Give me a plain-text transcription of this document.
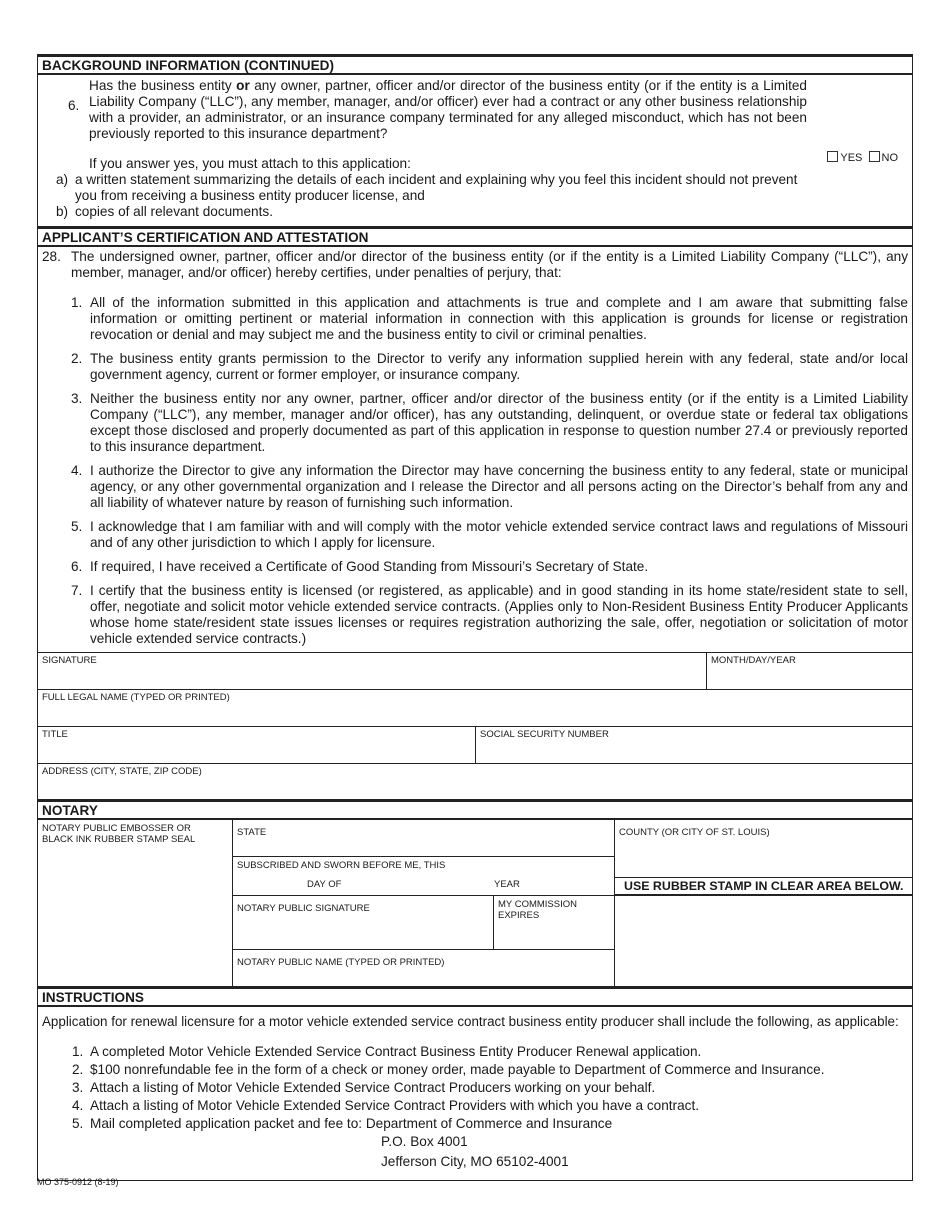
BACKGROUND INFORMATION (CONTINUED)
6.
Has the business entity or any owner, partner, officer and/or director of the business entity (or if the entity is a Limited Liability Company (“LLC”), any member, manager, and/or officer) ever had a contract or any other business relationship with a provider, an administrator, or an insurance company terminated for any alleged misconduct, which has not been previously reported to this insurance department?
YES NO
If you answer yes, you must attach to this application:
a) a written statement summarizing the details of each incident and explaining why you feel this incident should not prevent you from receiving a business entity producer license, and
b) copies of all relevant documents.
APPLICANT’S CERTIFICATION AND ATTESTATION
28. The undersigned owner, partner, officer and/or director of the business entity (or if the entity is a Limited Liability Company (“LLC”), any member, manager, and/or officer) hereby certifies, under penalties of perjury, that:
1. All of the information submitted in this application and attachments is true and complete and I am aware that submitting false information or omitting pertinent or material information in connection with this application is grounds for license or registration revocation or denial and may subject me and the business entity to civil or criminal penalties.
2. The business entity grants permission to the Director to verify any information supplied herein with any federal, state and/or local government agency, current or former employer, or insurance company.
3. Neither the business entity nor any owner, partner, officer and/or director of the business entity (or if the entity is a Limited Liability Company (“LLC”), any member, manager and/or officer), has any outstanding, delinquent, or overdue state or federal tax obligations except those disclosed and properly documented as part of this application in response to question number 27.4 or previously reported to this insurance department.
4. I authorize the Director to give any information the Director may have concerning the business entity to any federal, state or municipal agency, or any other governmental organization and I release the Director and all persons acting on the Director’s behalf from any and all liability of whatever nature by reason of furnishing such information.
5. I acknowledge that I am familiar with and will comply with the motor vehicle extended service contract laws and regulations of Missouri and of any other jurisdiction to which I apply for licensure.
6. If required, I have received a Certificate of Good Standing from Missouri’s Secretary of State.
7. I certify that the business entity is licensed (or registered, as applicable) and in good standing in its home state/resident state to sell, offer, negotiate and solicit motor vehicle extended service contracts. (Applies only to Non-Resident Business Entity Producer Applicants whose home state/resident state issues licenses or requires registration authorizing the sale, offer, negotiation or solicitation of motor vehicle extended service contracts.)
SIGNATURE	MONTH/DAY/YEAR
FULL LEGAL NAME (TYPED OR PRINTED)
TITLE	SOCIAL SECURITY NUMBER
ADDRESS (CITY, STATE, ZIP CODE)
NOTARY
NOTARY PUBLIC EMBOSSER OR
BLACK INK RUBBER STAMP SEAL
STATE
SUBSCRIBED AND SWORN BEFORE ME, THIS
DAY OF	YEAR
NOTARY PUBLIC SIGNATURE	MY COMMISSION
EXPIRES
NOTARY PUBLIC NAME (TYPED OR PRINTED)
COUNTY (OR CITY OF ST. LOUIS)
USE RUBBER STAMP IN CLEAR AREA BELOW.
INSTRUCTIONS
Application for renewal licensure for a motor vehicle extended service contract business entity producer shall include the following, as applicable:
1. A completed Motor Vehicle Extended Service Contract Business Entity Producer Renewal application.
2. $100 nonrefundable fee in the form of a check or money order, made payable to Department of Commerce and Insurance.
3. Attach a listing of Motor Vehicle Extended Service Contract Producers working on your behalf.
4. Attach a listing of Motor Vehicle Extended Service Contract Providers with which you have a contract.
5. Mail completed application packet and fee to: Department of Commerce and Insurance
P.O. Box 4001
Jefferson City, MO 65102-4001
MO 375-0912 (8-19)
